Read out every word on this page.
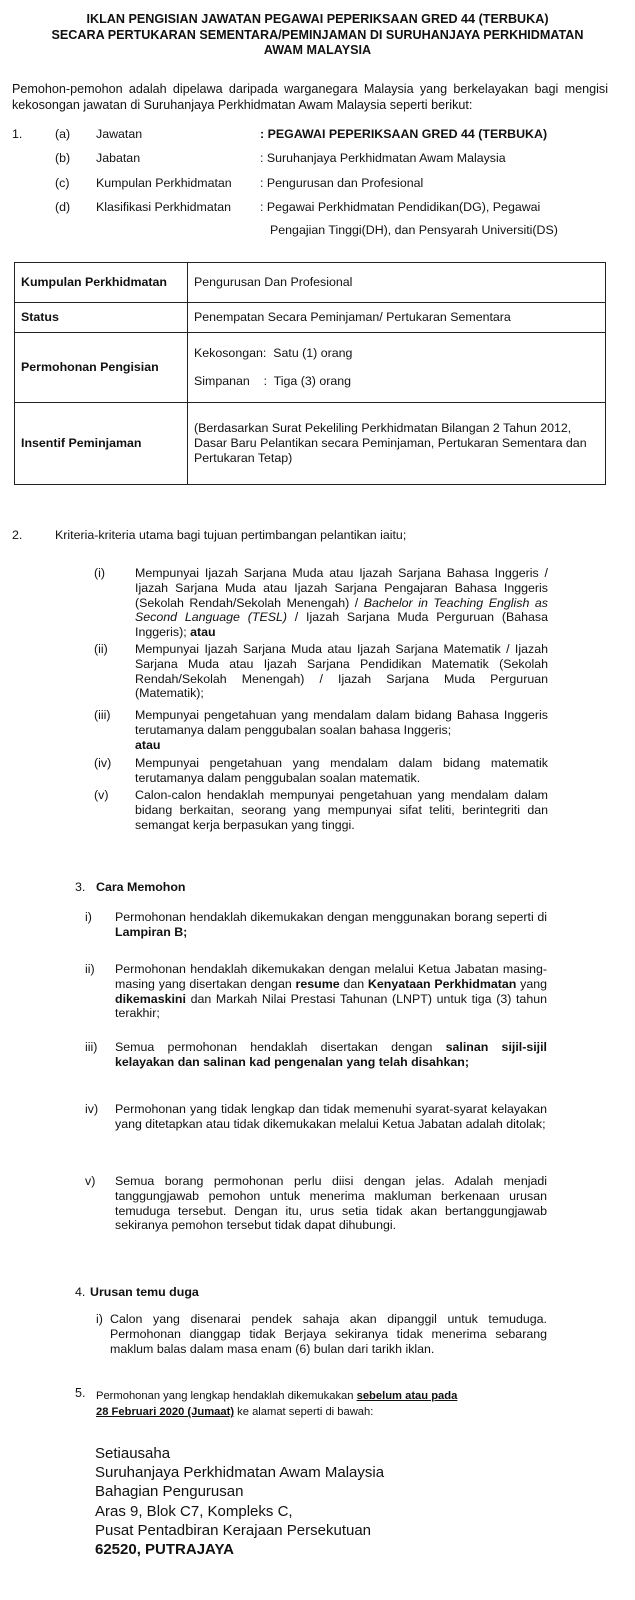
IKLAN PENGISIAN JAWATAN PEGAWAI PEPERIKSAAN GRED 44 (TERBUKA)
SECARA PERTUKARAN SEMENTARA/PEMINJAMAN DI SURUHANJAYA PERKHIDMATAN
AWAM MALAYSIA
Pemohon-pemohon adalah dipelawa daripada warganegara Malaysia yang berkelayakan bagi mengisi kekosongan jawatan di Suruhanjaya Perkhidmatan Awam Malaysia seperti berikut:
1.	(a) Jawatan	: PEGAWAI PEPERIKSAAN GRED 44 (TERBUKA)
(b) Jabatan	: Suruhanjaya Perkhidmatan Awam Malaysia
(c) Kumpulan Perkhidmatan : Pengurusan dan Profesional
(d) Klasifikasi Perkhidmatan : Pegawai Perkhidmatan Pendidikan(DG), Pegawai
Pengajian Tinggi(DH), dan Pensyarah Universiti(DS)
Kumpulan Perkhidmatan	Pengurusan Dan Profesional
Status	Penempatan Secara Peminjaman/ Pertukaran Sementara
Permohonan Pengisian	Kekosongan:  Satu (1) orang
Simpanan    :  Tiga (3) orang

Insentif Peminjaman	(Berdasarkan Surat Pekeliling Perkhidmatan Bilangan 2 Tahun 2012, Dasar Baru Pelantikan secara Peminjaman, Pertukaran Sementara dan Pertukaran Tetap)
2.	Kriteria-kriteria utama bagi tujuan pertimbangan pelantikan iaitu;
(i) Mempunyai Ijazah Sarjana Muda atau Ijazah Sarjana Bahasa Inggeris / Ijazah Sarjana Muda atau Ijazah Sarjana Pengajaran Bahasa Inggeris (Sekolah Rendah/Sekolah Menengah) / Bachelor in Teaching English as Second Language (TESL) / Ijazah Sarjana Muda Perguruan (Bahasa Inggeris); atau
(ii) Mempunyai Ijazah Sarjana Muda atau Ijazah Sarjana Matematik / Ijazah Sarjana Muda atau Ijazah Sarjana Pendidikan Matematik (Sekolah Rendah/Sekolah Menengah) / Ijazah Sarjana Muda Perguruan (Matematik);
(iii) Mempunyai pengetahuan yang mendalam dalam bidang Bahasa Inggeris terutamanya dalam penggubalan soalan bahasa Inggeris;
atau
(iv) Mempunyai pengetahuan yang mendalam dalam bidang matematik terutamanya dalam penggubalan soalan matematik.
(v) Calon-calon hendaklah mempunyai pengetahuan yang mendalam dalam bidang berkaitan, seorang yang mempunyai sifat teliti, berintegriti dan semangat kerja berpasukan yang tinggi.
3. Cara Memohon
i) Permohonan hendaklah dikemukakan dengan menggunakan borang seperti di Lampiran B;
ii) Permohonan hendaklah dikemukakan dengan melalui Ketua Jabatan masing-masing yang disertakan dengan resume dan Kenyataan Perkhidmatan yang dikemaskini dan Markah Nilai Prestasi Tahunan (LNPT) untuk tiga (3) tahun terakhir;
iii) Semua permohonan hendaklah disertakan dengan salinan sijil-sijil kelayakan dan salinan kad pengenalan yang telah disahkan;
iv) Permohonan yang tidak lengkap dan tidak memenuhi syarat-syarat kelayakan yang ditetapkan atau tidak dikemukakan melalui Ketua Jabatan adalah ditolak;
v) Semua borang permohonan perlu diisi dengan jelas. Adalah menjadi tanggungjawab pemohon untuk menerima makluman berkenaan urusan temuduga tersebut. Dengan itu, urus setia tidak akan bertanggungjawab sekiranya pemohon tersebut tidak dapat dihubungi.
4. Urusan temu duga
i) Calon yang disenarai pendek sahaja akan dipanggil untuk temuduga. Permohonan dianggap tidak Berjaya sekiranya tidak menerima sebarang maklum balas dalam masa enam (6) bulan dari tarikh iklan.
5. Permohonan yang lengkap hendaklah dikemukakan sebelum atau pada
28 Februari 2020 (Jumaat) ke alamat seperti di bawah:
Setiausaha
Suruhanjaya Perkhidmatan Awam Malaysia
Bahagian Pengurusan
Aras 9, Blok C7, Kompleks C,
Pusat Pentadbiran Kerajaan Persekutuan
62520, PUTRAJAYA
